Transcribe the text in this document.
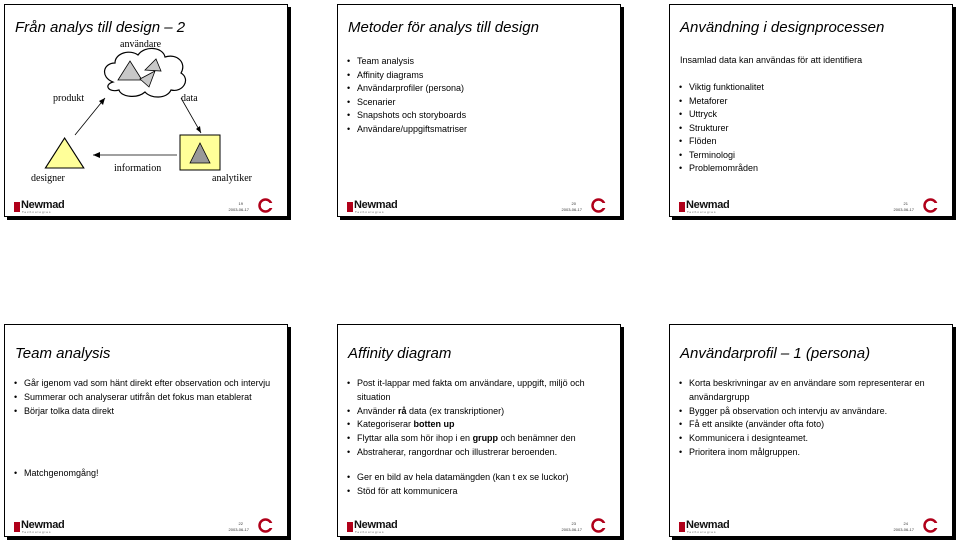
Från analys till design – 2
användare
produkt	data
designer
information
analytiker
Newmad
Technologies
19
2003-06-17
Metoder för analys till design
• Team analysis
• Affinity diagrams
• Användarprofiler (persona)
• Scenarier
• Snapshots och storyboards
• Användare/uppgiftsmatriser
Newmad
Technologies
20
2003-06-17
Användning i designprocessen
Insamlad data kan användas för att identifiera
• Viktig funktionalitet
• Metaforer
• Uttryck
• Strukturer
• Flöden
• Terminologi
• Problemområden
Newmad
Technologies
21
2003-06-17
Team analysis
• Går igenom vad som hänt direkt efter observation och intervju
• Summerar och analyserar utifrån det fokus man etablerat
• Börjar tolka data direkt
• Matchgenomgång!
Newmad
Technologies
22
2003-06-17
Affinity diagram
• Post it-lappar med fakta om användare, uppgift, miljö och situation
• Använder rå data (ex transkriptioner)
• Kategoriserar botten up
• Flyttar alla som hör ihop i en grupp och benämner den
• Abstraherar, rangordnar och illustrerar beroenden.
• Ger en bild av hela datamängden (kan t ex se luckor)
• Stöd för att kommunicera
Newmad
Technologies
23
2003-06-17
Användarprofil – 1 (persona)
• Korta beskrivningar av en användare som representerar en användargrupp
• Bygger på observation och intervju av användare.
• Få ett ansikte (använder ofta foto)
• Kommunicera i designteamet.
• Prioritera inom målgruppen.
Newmad
Technologies
24
2003-06-17
